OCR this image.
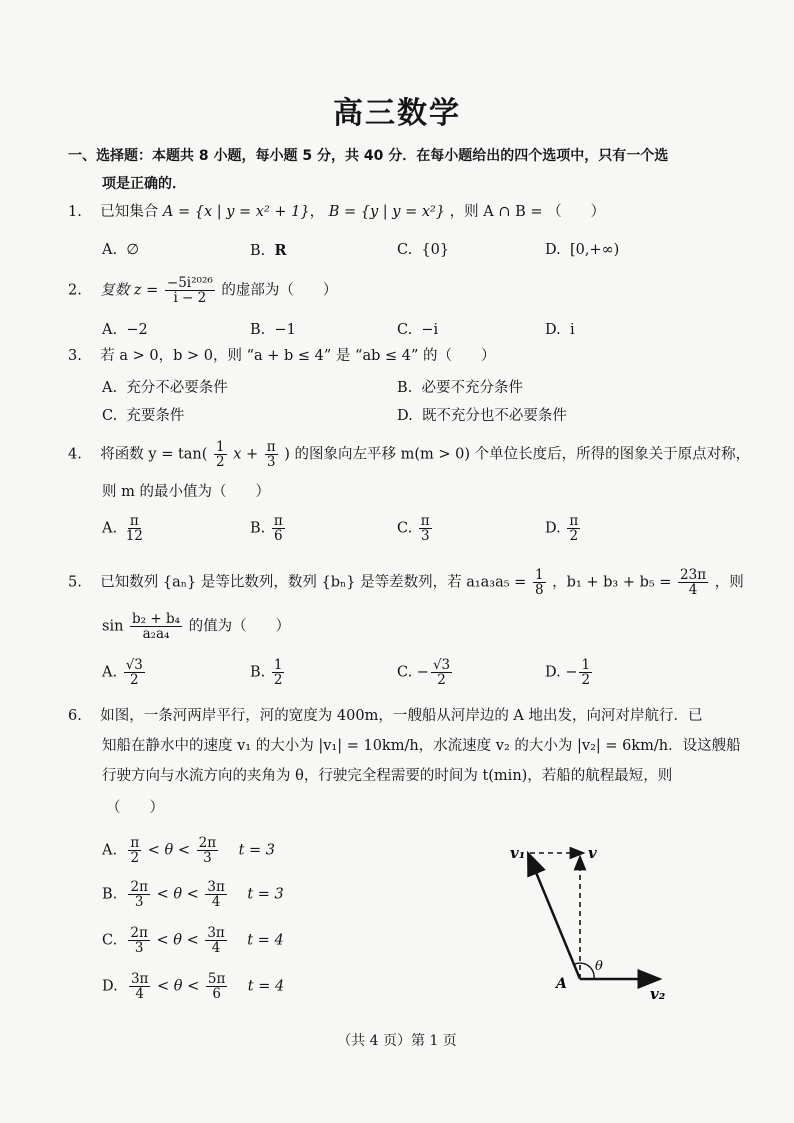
高三数学
一、选择题：本题共 8 小题，每小题 5 分，共 40 分．在每小题给出的四个选项中，只有一个选
项是正确的．
1. 已知集合 A = {x | y = x² + 1}， B = {y | y = x²} ，则 A ∩ B = （　　）
A. ∅	B. R	C. {0}	D. [0,+∞)
2. 复数 $z = \frac{\text{−5i²⁰²⁶}}{i - 2}$ 的虚部为（　　）
A. −2	B. −1	C. −i	D. i
3. 若 a > 0，b > 0，则 “a + b ≤ 4” 是 “ab ≤ 4” 的（　　）
A. 充分不必要条件	B. 必要不充分条件
C. 充要条件	D. 既不充分也不必要条件
4. 将函数 $y = \tan( \frac{1}{2}$ $x + \frac{\pi}{3}$ ) 的图象向左平移 m(m > 0) 个单位长度后，所得的图象关于原点对称，
则 m 的最小值为（　　）
A. $\frac{\pi}{12}$	B. $\frac{\pi}{6}$	C. $\frac{\pi}{3}$	D. $\frac{\pi}{2}$
5. 已知数列 {aₙ} 是等比数列，数列 {bₙ} 是等差数列，若 $a_1a_3a_5 = \frac{1}{8}$ ，$b_1 + b_3 + b_5 = \frac{23\pi}{4}$ ，则
$\sin \frac{\text{b₂ + b₄}}{\text{a₂a₄}}$ 的值为（　　）
A. $\frac{√3}{2}$	B. $\frac{1}{2}$	C. − $\frac{√3}{2}$	D. − $\frac{1}{2}$
6. 如图，一条河两岸平行，河的宽度为 400m，一艘船从河岸边的 A 地出发，向河对岸航行．已
知船在静水中的速度 v₁ 的大小为 |v₁| = 10km/h，水流速度 v₂ 的大小为 |v₂| = 6km/h．设这艘船
行驶方向与水流方向的夹角为 θ，行驶完全程需要的时间为 t(min)，若船的航程最短，则
（　　）
A. $\frac{\pi}{2} < \theta < \frac{2\pi}{3}$ t = 3
B. $\frac{2\pi}{3} < \theta < \frac{3\pi}{4}$ t = 3
C. $\frac{2\pi}{3} < \theta < \frac{3\pi}{4}$ t = 4
D. $\frac{3\pi}{4} < \theta < \frac{5\pi}{6}$ t = 4
v₁	v
v₂
A
θ
（共 4 页）第 1 页
